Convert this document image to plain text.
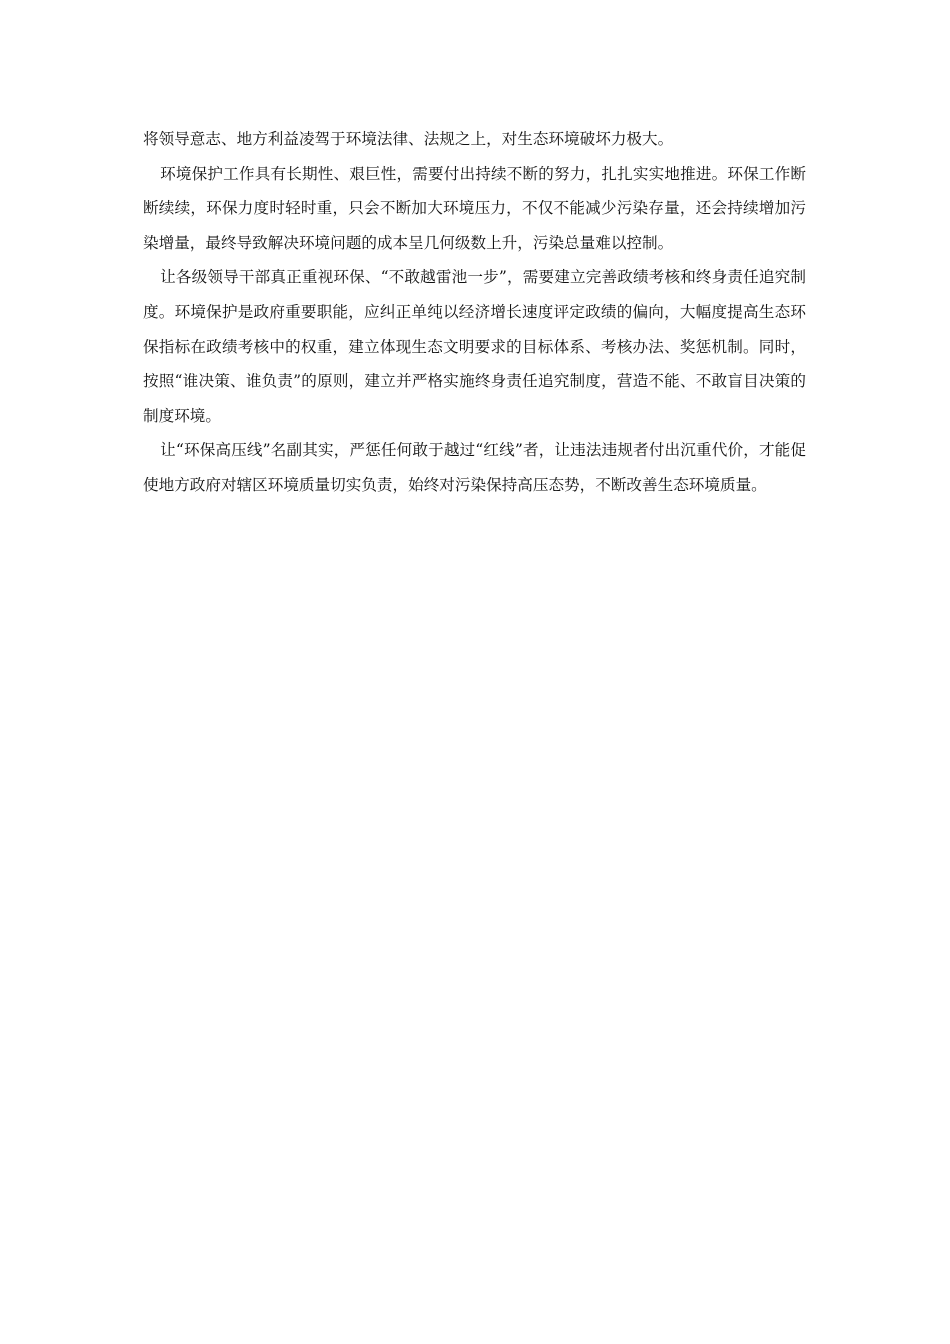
将领导意志、地方利益凌驾于环境法律、法规之上，对生态环境破坏力极大。

环境保护工作具有长期性、艰巨性，需要付出持续不断的努力，扎扎实实地推进。环保工作断断续续，环保力度时轻时重，只会不断加大环境压力，不仅不能减少污染存量，还会持续增加污染增量，最终导致解决环境问题的成本呈几何级数上升，污染总量难以控制。

让各级领导干部真正重视环保、“不敢越雷池一步”，需要建立完善政绩考核和终身责任追究制度。环境保护是政府重要职能，应纠正单纯以经济增长速度评定政绩的偏向，大幅度提高生态环保指标在政绩考核中的权重，建立体现生态文明要求的目标体系、考核办法、奖惩机制。同时，按照“谁决策、谁负责”的原则，建立并严格实施终身责任追究制度，营造不能、不敢盲目决策的制度环境。

让“环保高压线”名副其实，严惩任何敢于越过“红线”者，让违法违规者付出沉重代价，才能促使地方政府对辖区环境质量切实负责，始终对污染保持高压态势，不断改善生态环境质量。
